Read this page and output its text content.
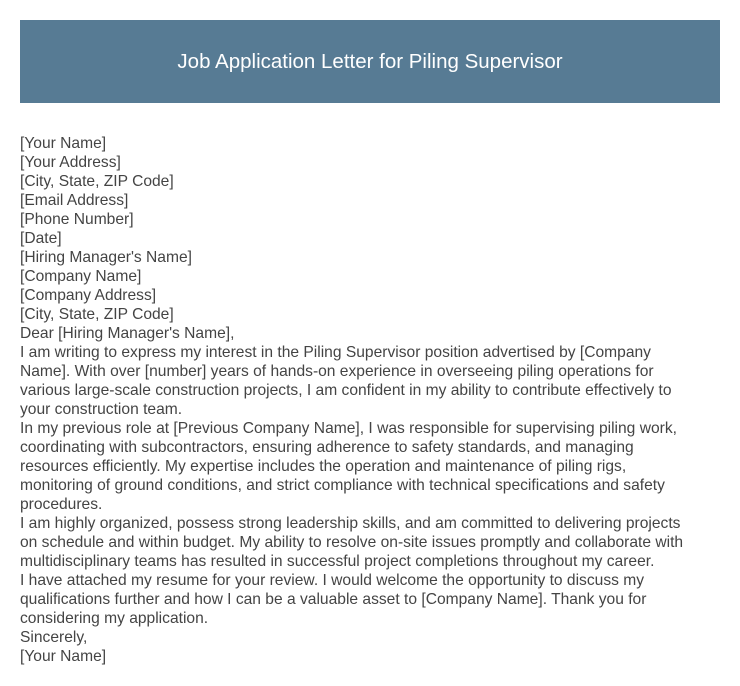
Job Application Letter for Piling Supervisor
[Your Name]
[Your Address]
[City, State, ZIP Code]
[Email Address]
[Phone Number]
[Date]
[Hiring Manager's Name]
[Company Name]
[Company Address]
[City, State, ZIP Code]
Dear [Hiring Manager's Name],
I am writing to express my interest in the Piling Supervisor position advertised by [Company
Name]. With over [number] years of hands-on experience in overseeing piling operations for
various large-scale construction projects, I am confident in my ability to contribute effectively to
your construction team.
In my previous role at [Previous Company Name], I was responsible for supervising piling work,
coordinating with subcontractors, ensuring adherence to safety standards, and managing
resources efficiently. My expertise includes the operation and maintenance of piling rigs,
monitoring of ground conditions, and strict compliance with technical specifications and safety
procedures.
I am highly organized, possess strong leadership skills, and am committed to delivering projects
on schedule and within budget. My ability to resolve on-site issues promptly and collaborate with
multidisciplinary teams has resulted in successful project completions throughout my career.
I have attached my resume for your review. I would welcome the opportunity to discuss my
qualifications further and how I can be a valuable asset to [Company Name]. Thank you for
considering my application.
Sincerely,
[Your Name]
